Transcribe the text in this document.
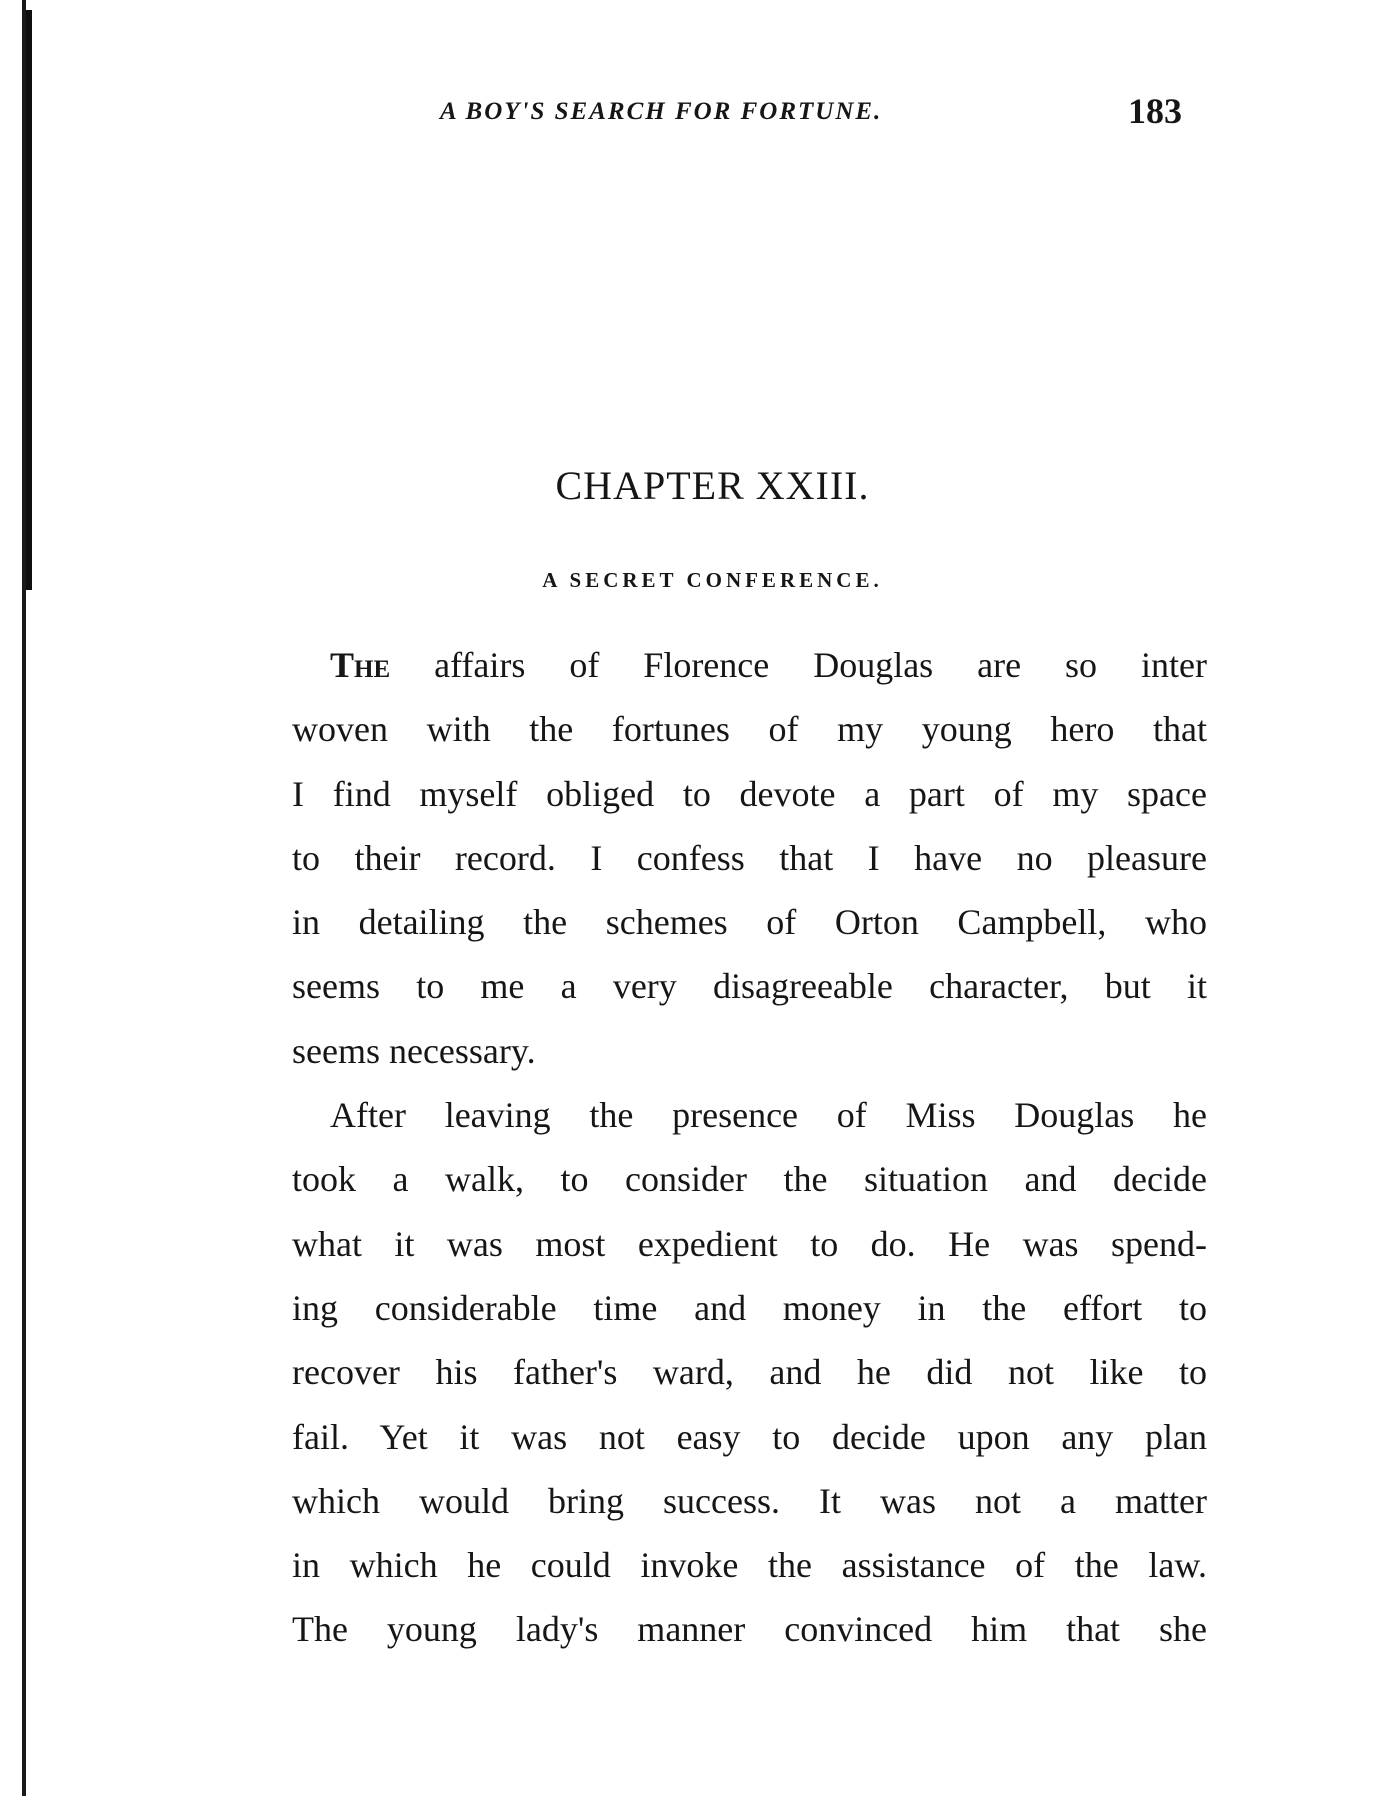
A BOY'S SEARCH FOR FORTUNE.	183
CHAPTER XXIII.
A SECRET CONFERENCE.
The affairs of Florence Douglas are so inter
woven with the fortunes of my young hero that
I find myself obliged to devote a part of my space
to their record. I confess that I have no pleasure
in detailing the schemes of Orton Campbell, who
seems to me a very disagreeable character, but it
seems necessary.
After leaving the presence of Miss Douglas he
took a walk, to consider the situation and decide
what it was most expedient to do. He was spend-
ing considerable time and money in the effort to
recover his father's ward, and he did not like to
fail. Yet it was not easy to decide upon any plan
which would bring success. It was not a matter
in which he could invoke the assistance of the law.
The young lady's manner convinced him that she
